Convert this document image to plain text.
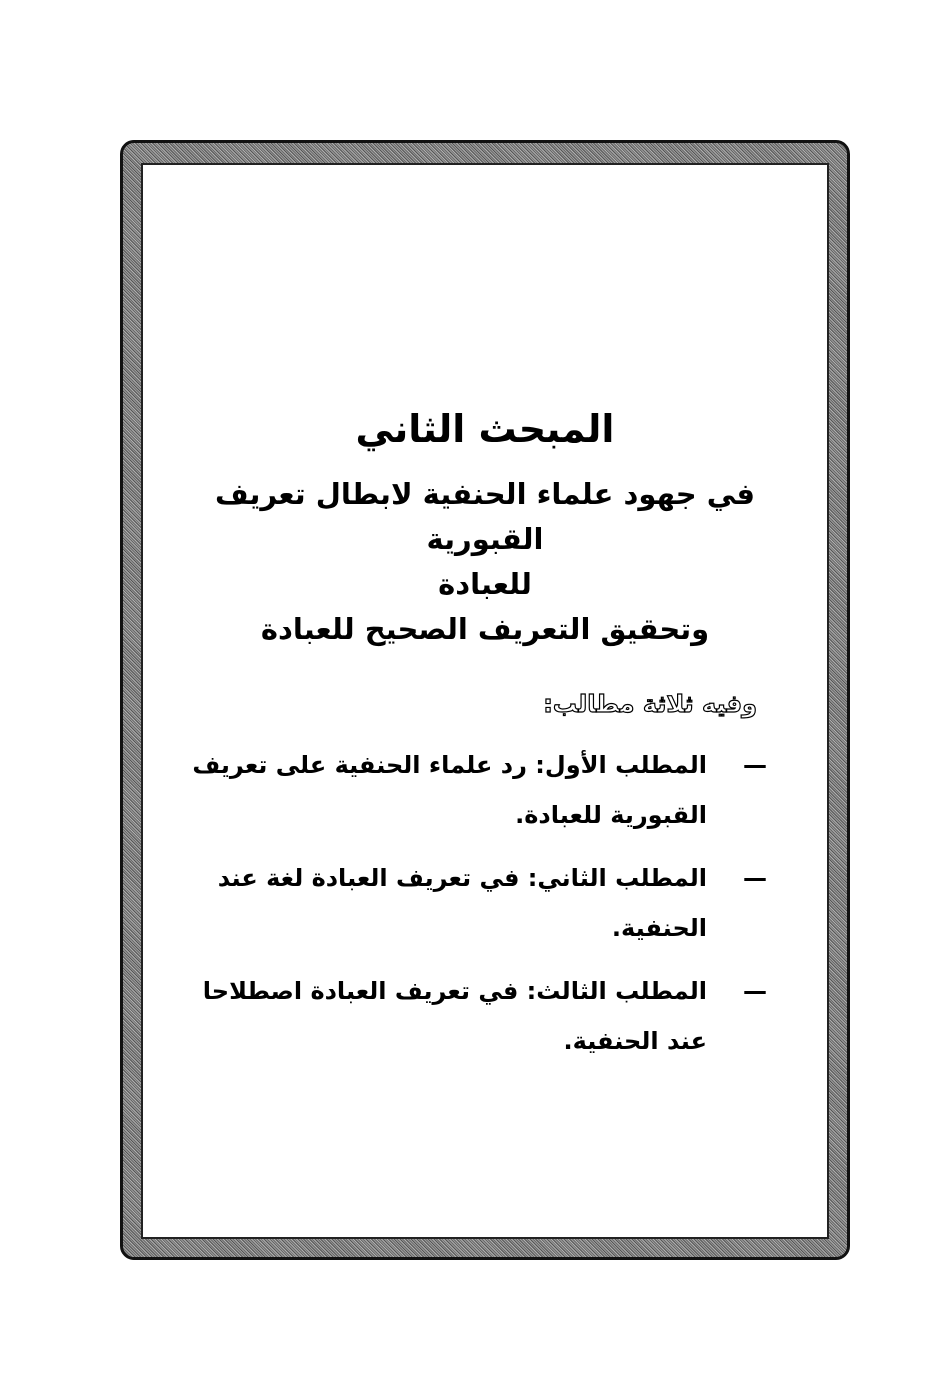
المبحث الثاني
في جهود علماء الحنفية لابطال تعريف القبورية
للعبادة
وتحقيق التعريف الصحيح للعبادة
وفيه ثلاثة مطالب:
—
المطلب الأول: رد علماء الحنفية على تعريف القبورية للعبادة.
—
المطلب الثاني: في تعريف العبادة لغة عند الحنفية.
—
المطلب الثالث: في تعريف العبادة اصطلاحا عند الحنفية.
